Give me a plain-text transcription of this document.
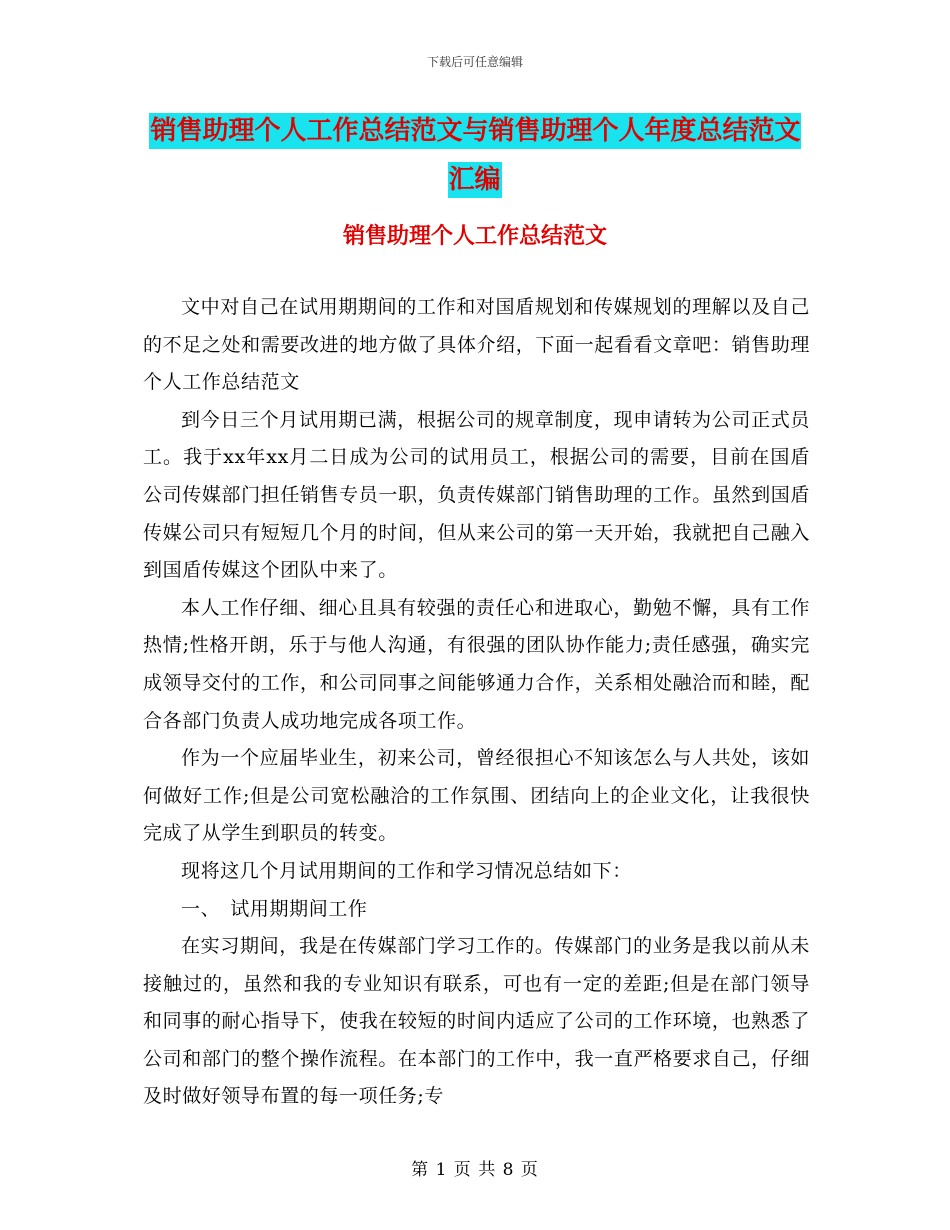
下载后可任意编辑
销售助理个人工作总结范文与销售助理个人年度总结范文汇编
销售助理个人工作总结范文

文中对自己在试用期期间的工作和对国盾规划和传媒规划的理解以及自己的不足之处和需要改进的地方做了具体介绍，下面一起看看文章吧：销售助理个人工作总结范文

到今日三个月试用期已满，根据公司的规章制度，现申请转为公司正式员工。我于xx年xx月二日成为公司的试用员工，根据公司的需要，目前在国盾公司传媒部门担任销售专员一职，负责传媒部门销售助理的工作。虽然到国盾传媒公司只有短短几个月的时间，但从来公司的第一天开始，我就把自己融入到国盾传媒这个团队中来了。

本人工作仔细、细心且具有较强的责任心和进取心，勤勉不懈，具有工作热情;性格开朗，乐于与他人沟通，有很强的团队协作能力;责任感强，确实完成领导交付的工作，和公司同事之间能够通力合作，关系相处融洽而和睦，配合各部门负责人成功地完成各项工作。

作为一个应届毕业生，初来公司，曾经很担心不知该怎么与人共处，该如何做好工作;但是公司宽松融洽的工作氛围、团结向上的企业文化，让我很快完成了从学生到职员的转变。

现将这几个月试用期间的工作和学习情况总结如下：

一、　试用期期间工作

在实习期间，我是在传媒部门学习工作的。传媒部门的业务是我以前从未接触过的，虽然和我的专业知识有联系，可也有一定的差距;但是在部门领导和同事的耐心指导下，使我在较短的时间内适应了公司的工作环境，也熟悉了公司和部门的整个操作流程。在本部门的工作中，我一直严格要求自己，仔细及时做好领导布置的每一项任务;专

第 1 页 共 8 页
